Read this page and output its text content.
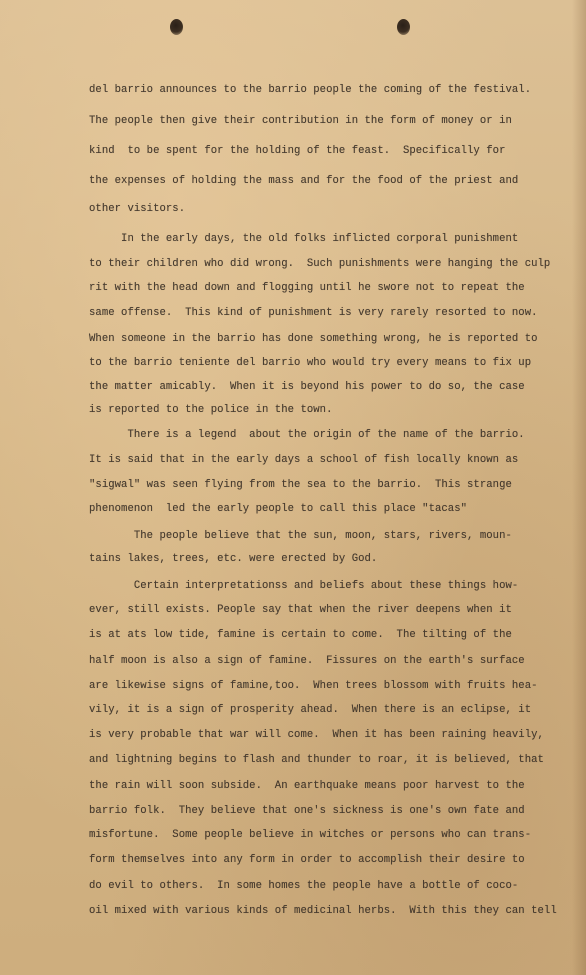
del barrio announces to the barrio people the coming of the festival.
The people then give their contribution in the form of money or in
kind  to be spent for the holding of the feast.  Specifically for
the expenses of holding the mass and for the food of the priest and
other visitors.
In the early days, the old folks inflicted corporal punishment
to their children who did wrong.  Such punishments were hanging the culp
rit with the head down and flogging until he swore not to repeat the
same offense.  This kind of punishment is very rarely resorted to now.
When someone in the barrio has done something wrong, he is reported to
to the barrio teniente del barrio who would try every means to fix up
the matter amicably.  When it is beyond his power to do so, the case
is reported to the police in the town.
There is a legend  about the origin of the name of the barrio.
It is said that in the early days a school of fish locally known as
"sigwal" was seen flying from the sea to the barrio.  This strange
phenomenon  led the early people to call this place "tacas"
The people believe that the sun, moon, stars, rivers, moun-
tains lakes, trees, etc. were erected by God.
Certain interpretationss and beliefs about these things how-
ever, still exists. People say that when the river deepens when it
is at ats low tide, famine is certain to come.  The tilting of the
half moon is also a sign of famine.  Fissures on the earth's surface
are likewise signs of famine,too.  When trees blossom with fruits hea-
vily, it is a sign of prosperity ahead.  When there is an eclipse, it
is very probable that war will come.  When it has been raining heavily,
and lightning begins to flash and thunder to roar, it is believed, that
the rain will soon subside.  An earthquake means poor harvest to the
barrio folk.  They believe that one's sickness is one's own fate and
misfortune.  Some people believe in witches or persons who can trans-
form themselves into any form in order to accomplish their desire to
do evil to others.  In some homes the people have a bottle of coco-
oil mixed with various kinds of medicinal herbs.  With this they can tell
